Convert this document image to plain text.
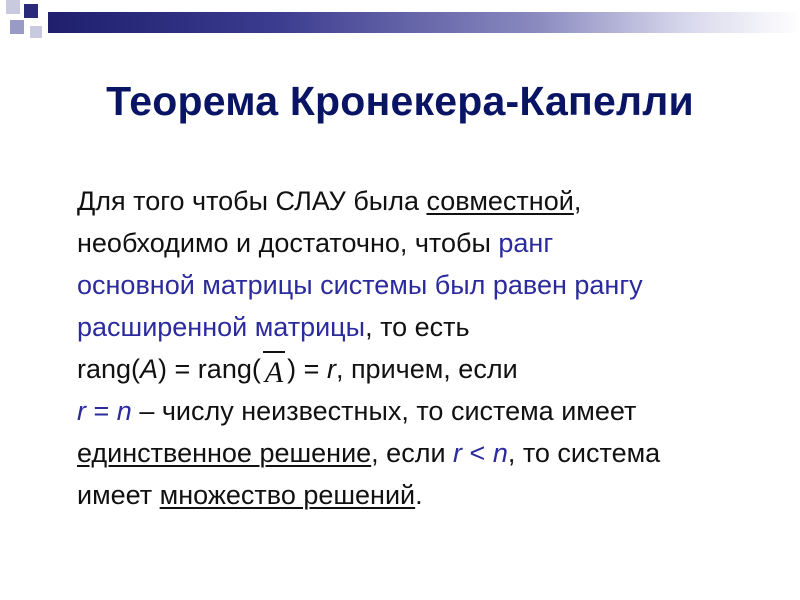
Теорема Кронекера-Капелли
Для того чтобы СЛАУ была совместной,
необходимо и достаточно, чтобы ранг
основной матрицы системы был равен рангу
расширенной матрицы, то есть
rang(A) = rang( A ) = r, причем, если
r = n – числу неизвестных, то система имеет
единственное решение, если r < n, то система
имеет множество решений.
